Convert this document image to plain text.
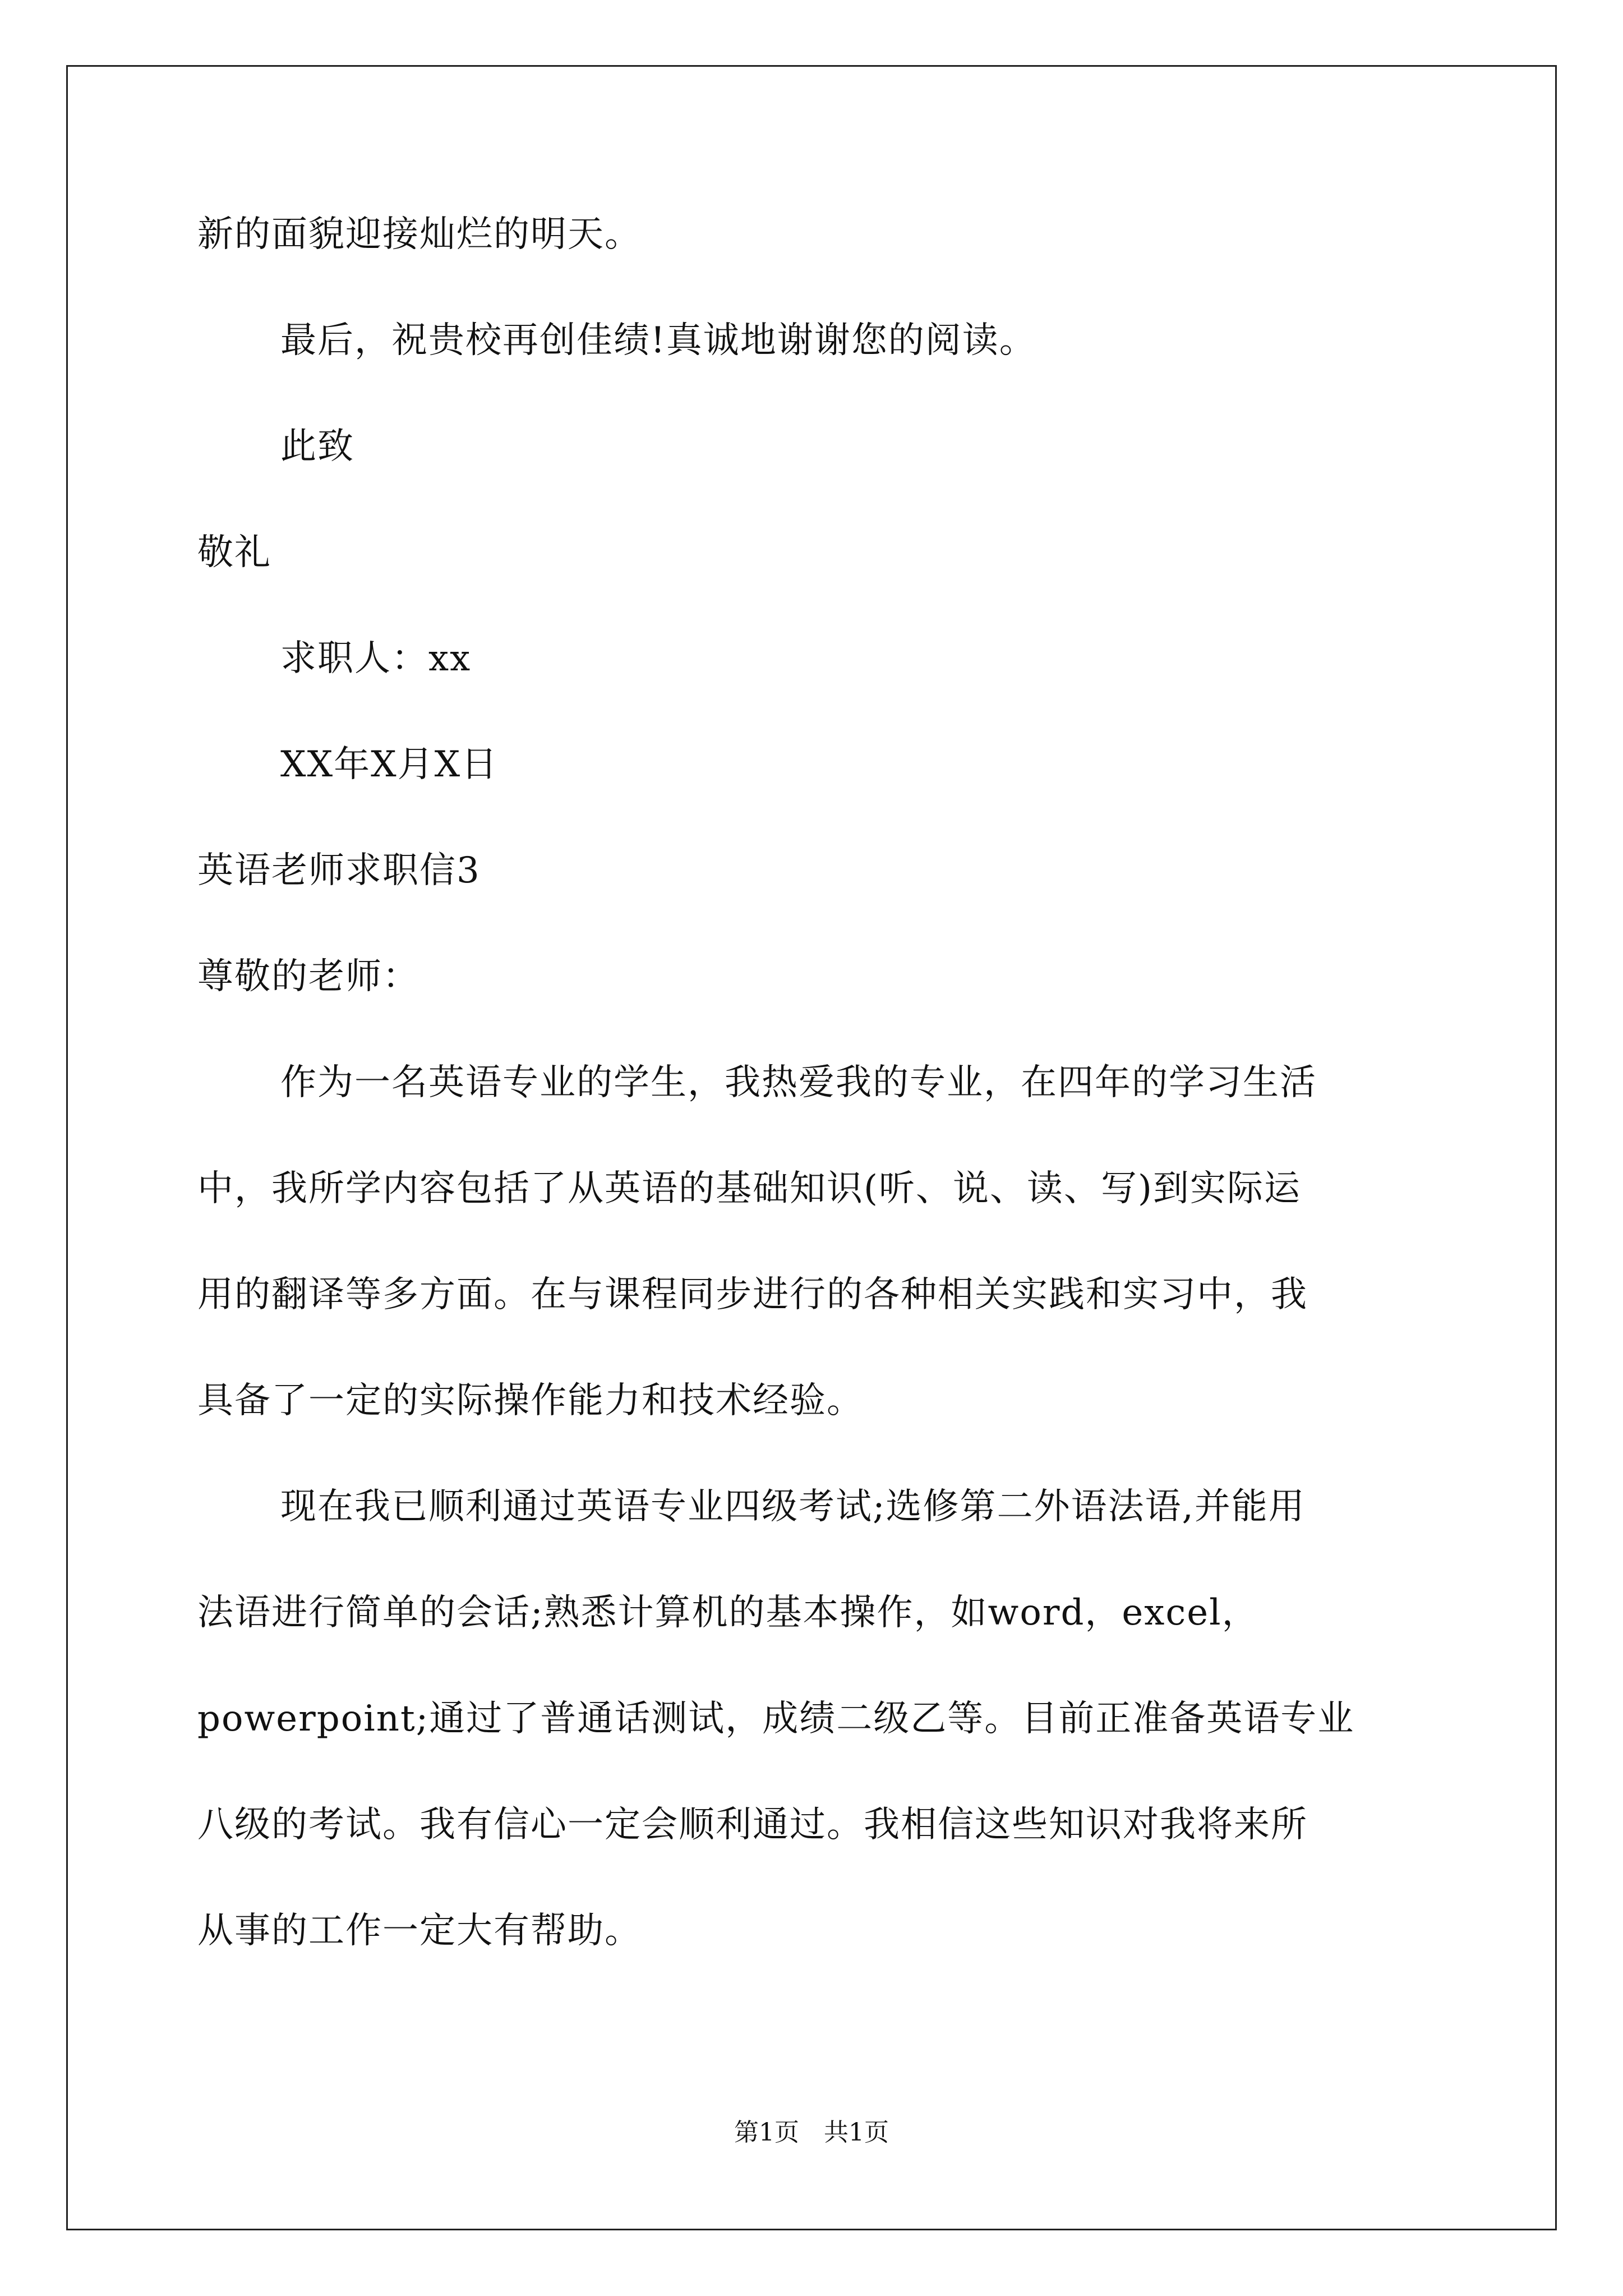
新的面貌迎接灿烂的明天。
最后，祝贵校再创佳绩!真诚地谢谢您的阅读。
此致
敬礼
求职人：xx
XX年X月X日
英语老师求职信3
尊敬的老师：
作为一名英语专业的学生，我热爱我的专业，在四年的学习生活
中，我所学内容包括了从英语的基础知识(听、说、读、写)到实际运
用的翻译等多方面。在与课程同步进行的各种相关实践和实习中，我
具备了一定的实际操作能力和技术经验。
现在我已顺利通过英语专业四级考试;选修第二外语法语,并能用
法语进行简单的会话;熟悉计算机的基本操作，如word，excel，
powerpoint;通过了普通话测试，成绩二级乙等。目前正准备英语专业
八级的考试。我有信心一定会顺利通过。我相信这些知识对我将来所
从事的工作一定大有帮助。
第1页　共1页
